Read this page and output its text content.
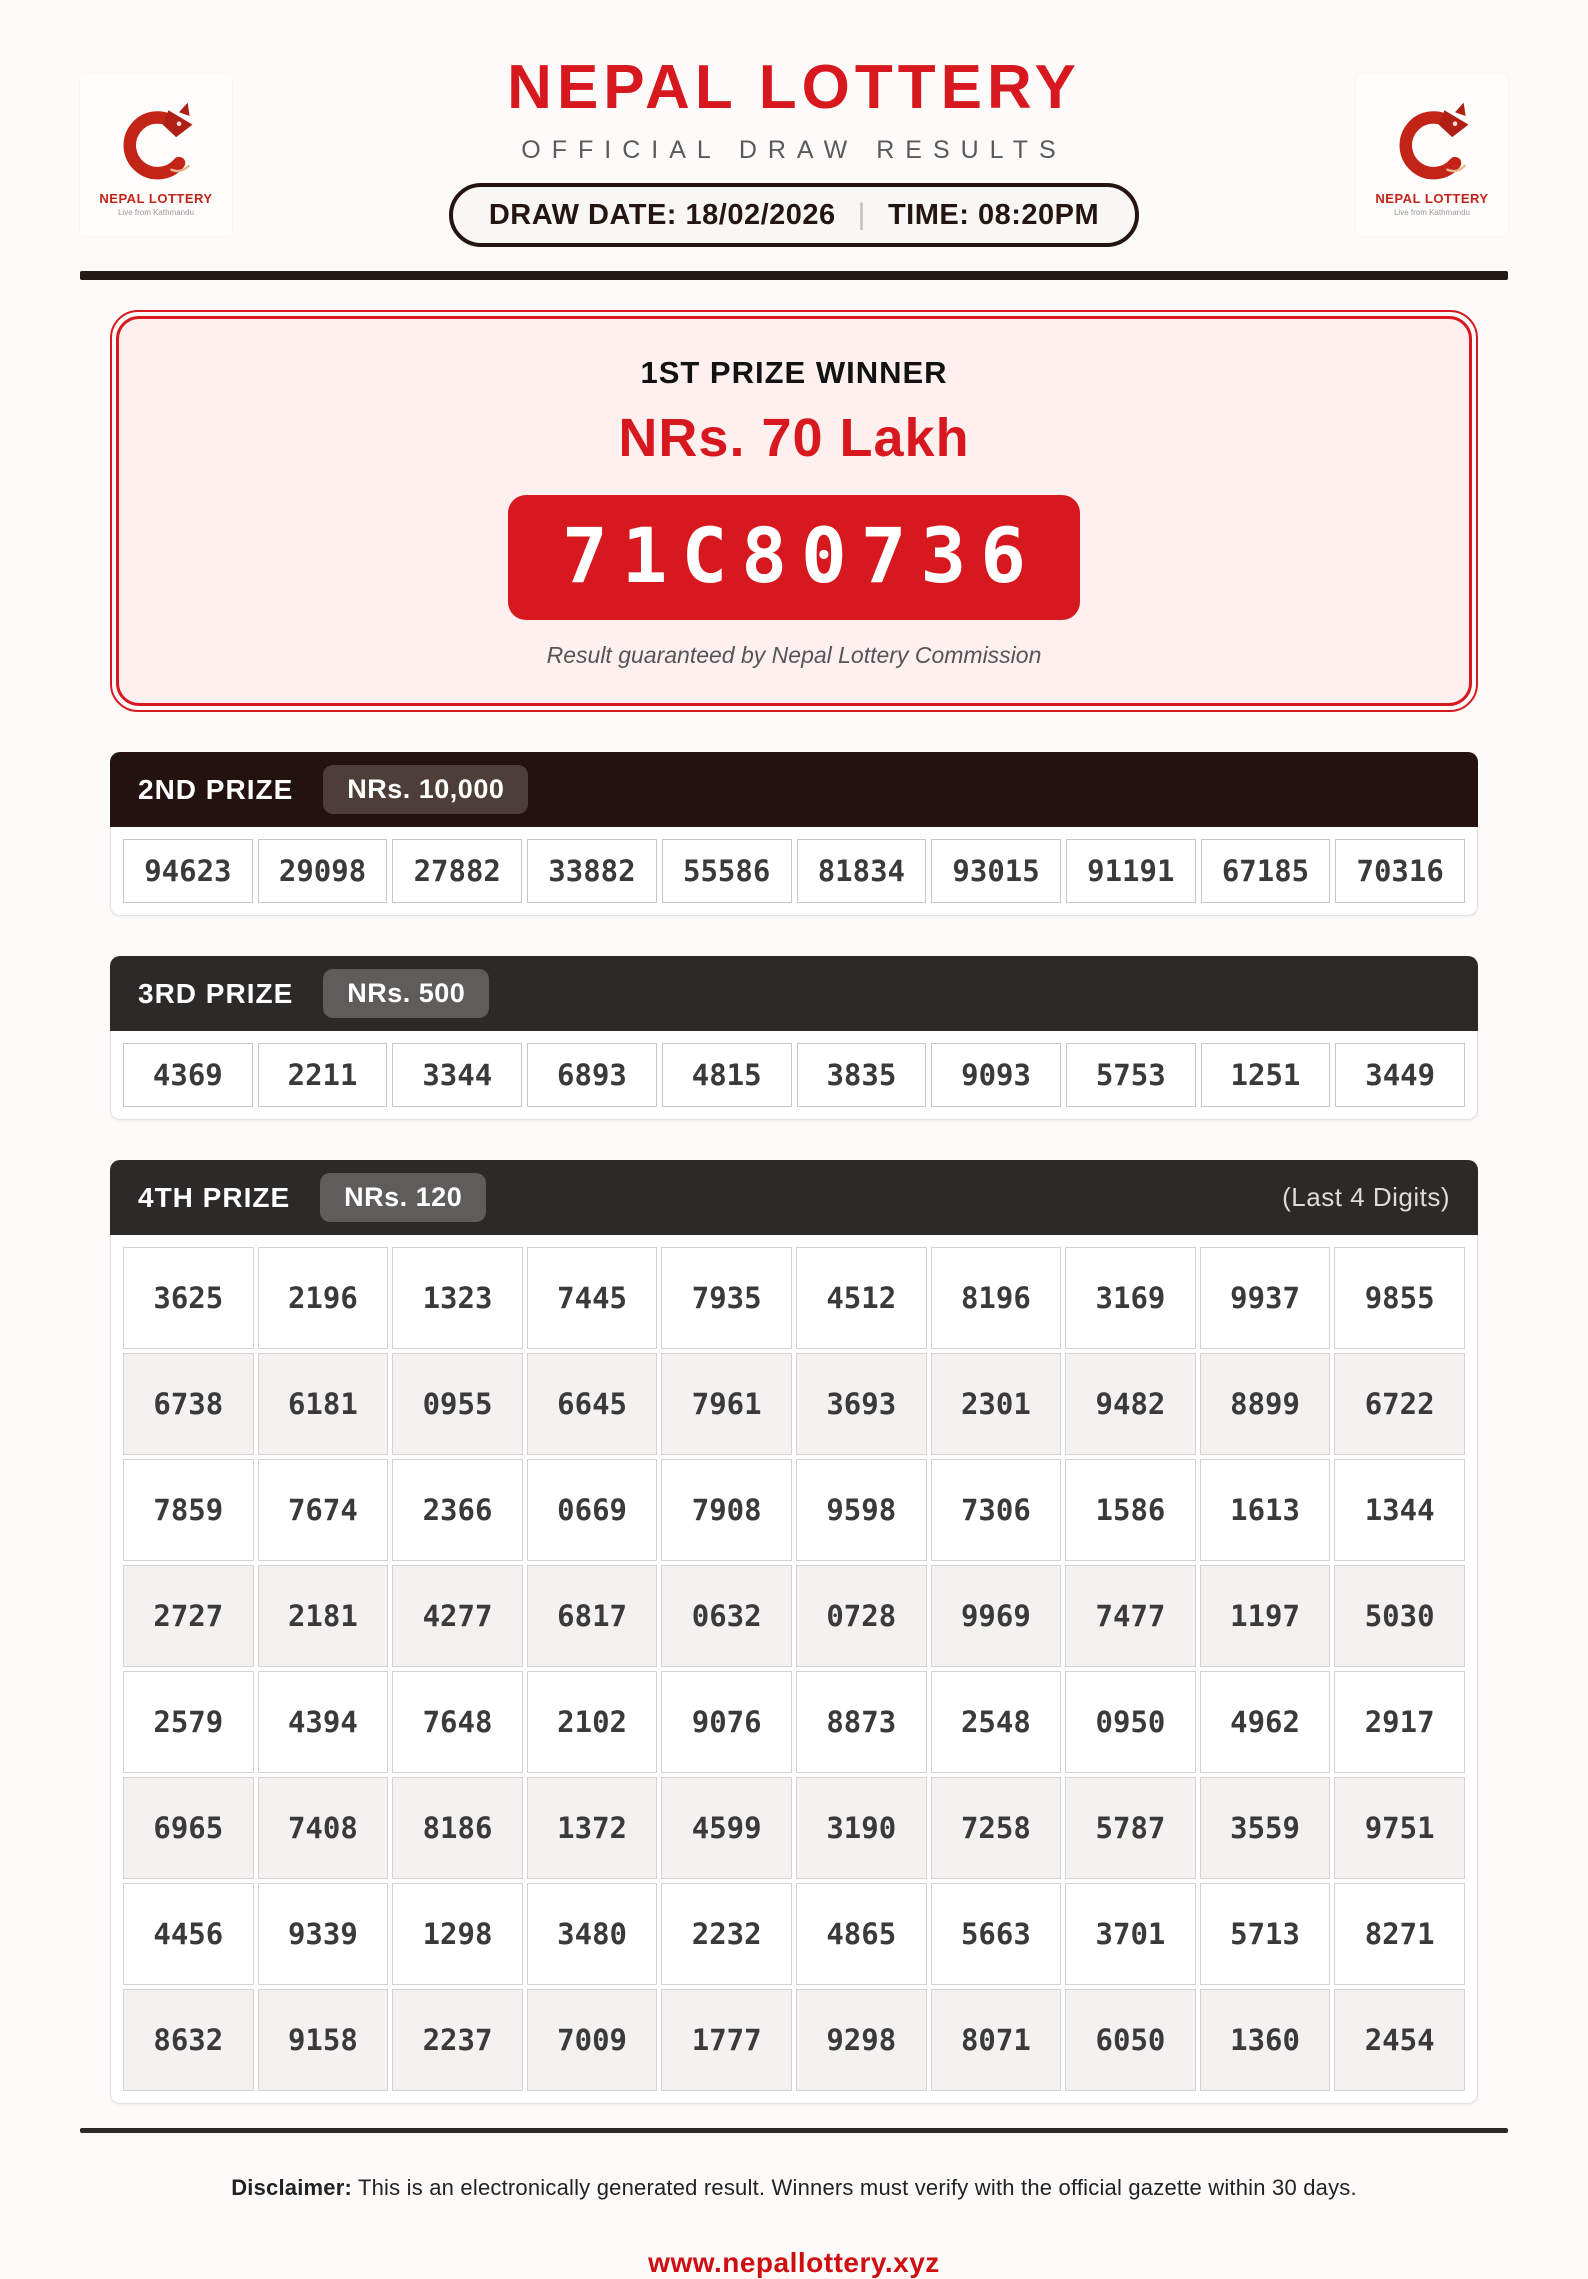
NEPAL LOTTERY
Live from Kathmandu
NEPAL LOTTERY
OFFICIAL DRAW RESULTS
DRAW DATE: 18/02/2026 | TIME: 08:20PM
NEPAL LOTTERY
Live from Kathmandu
1ST PRIZE WINNER
NRs. 70 Lakh
71C80736
Result guaranteed by Nepal Lottery Commission
2ND PRIZE	NRs. 10,000
94623	29098	27882	33882	55586	81834	93015	91191	67185	70316
3RD PRIZE	NRs. 500
4369	2211	3344	6893	4815	3835	9093	5753	1251	3449
4TH PRIZE	NRs. 120	(Last 4 Digits)
3625	2196	1323	7445	7935	4512	8196	3169	9937	9855
6738	6181	0955	6645	7961	3693	2301	9482	8899	6722
7859	7674	2366	0669	7908	9598	7306	1586	1613	1344
2727	2181	4277	6817	0632	0728	9969	7477	1197	5030
2579	4394	7648	2102	9076	8873	2548	0950	4962	2917
6965	7408	8186	1372	4599	3190	7258	5787	3559	9751
4456	9339	1298	3480	2232	4865	5663	3701	5713	8271
8632	9158	2237	7009	1777	9298	8071	6050	1360	2454

Disclaimer: This is an electronically generated result. Winners must verify with the official gazette within 30 days.

www.nepallottery.xyz
